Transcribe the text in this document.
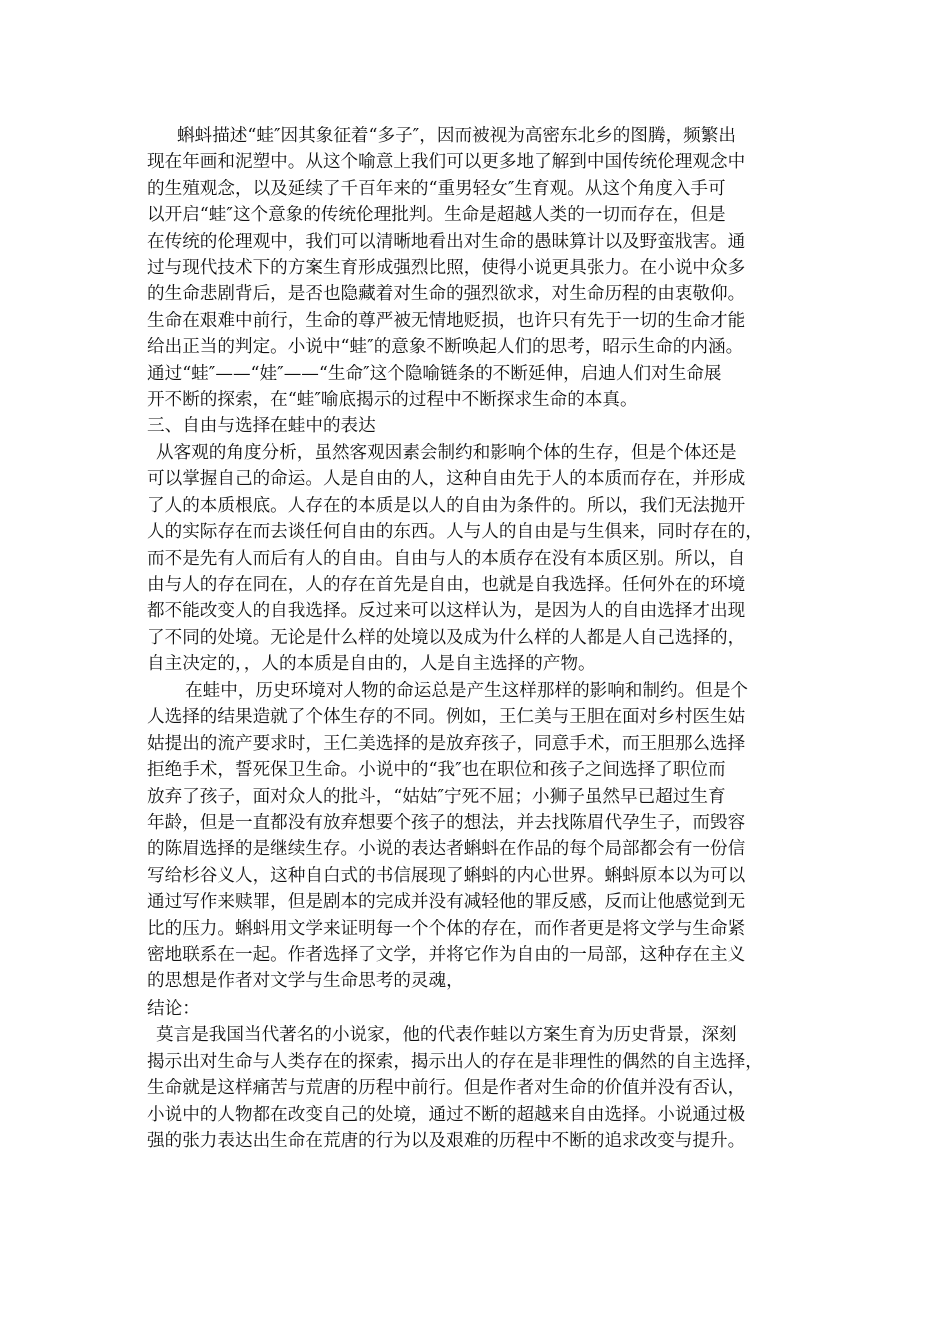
蝌蚪描述“蛙″因其象征着“多子″，因而被视为高密东北乡的图腾，频繁出
现在年画和泥塑中。从这个喻意上我们可以更多地了解到中国传统伦理观念中
的生殖观念，以及延续了千百年来的“重男轻女″生育观。从这个角度入手可
以开启“蛙″这个意象的传统伦理批判。生命是超越人类的一切而存在，但是
在传统的伦理观中，我们可以清晰地看出对生命的愚昧算计以及野蛮戕害。通
过与现代技术下的方案生育形成强烈比照，使得小说更具张力。在小说中众多
的生命悲剧背后，是否也隐藏着对生命的强烈欲求，对生命历程的由衷敬仰。
生命在艰难中前行，生命的尊严被无情地贬损，也许只有先于一切的生命才能
给出正当的判定。小说中“蛙″的意象不断唤起人们的思考，昭示生命的内涵。
通过“蛙″——“娃″——“生命″这个隐喻链条的不断延伸，启迪人们对生命展
开不断的探索，在“蛙″喻底揭示的过程中不断探求生命的本真。
三、自由与选择在蛙中的表达
从客观的角度分析，虽然客观因素会制约和影响个体的生存，但是个体还是
可以掌握自己的命运。人是自由的人，这种自由先于人的本质而存在，并形成
了人的本质根底。人存在的本质是以人的自由为条件的。所以，我们无法抛开
人的实际存在而去谈任何自由的东西。人与人的自由是与生俱来，同时存在的，
而不是先有人而后有人的自由。自由与人的本质存在没有本质区别。所以，自
由与人的存在同在，人的存在首先是自由，也就是自我选择。任何外在的环境
都不能改变人的自我选择。反过来可以这样认为，是因为人的自由选择才出现
了不同的处境。无论是什么样的处境以及成为什么样的人都是人自己选择的，
自主决定的，，人的本质是自由的，人是自主选择的产物。
在蛙中，历史环境对人物的命运总是产生这样那样的影响和制约。但是个
人选择的结果造就了个体生存的不同。例如，王仁美与王胆在面对乡村医生姑
姑提出的流产要求时，王仁美选择的是放弃孩子，同意手术，而王胆那么选择
拒绝手术，誓死保卫生命。小说中的“我″也在职位和孩子之间选择了职位而
放弃了孩子，面对众人的批斗，“姑姑″宁死不屈；小狮子虽然早已超过生育
年龄，但是一直都没有放弃想要个孩子的想法，并去找陈眉代孕生子，而毁容
的陈眉选择的是继续生存。小说的表达者蝌蚪在作品的每个局部都会有一份信
写给杉谷义人，这种自白式的书信展现了蝌蚪的内心世界。蝌蚪原本以为可以
通过写作来赎罪，但是剧本的完成并没有减轻他的罪反感，反而让他感觉到无
比的压力。蝌蚪用文学来证明每一个个体的存在，而作者更是将文学与生命紧
密地联系在一起。作者选择了文学，并将它作为自由的一局部，这种存在主义
的思想是作者对文学与生命思考的灵魂，
结论：
莫言是我国当代著名的小说家，他的代表作蛙以方案生育为历史背景，深刻
揭示出对生命与人类存在的探索，揭示出人的存在是非理性的偶然的自主选择，
生命就是这样痛苦与荒唐的历程中前行。但是作者对生命的价值并没有否认，
小说中的人物都在改变自己的处境，通过不断的超越来自由选择。小说通过极
强的张力表达出生命在荒唐的行为以及艰难的历程中不断的追求改变与提升。
